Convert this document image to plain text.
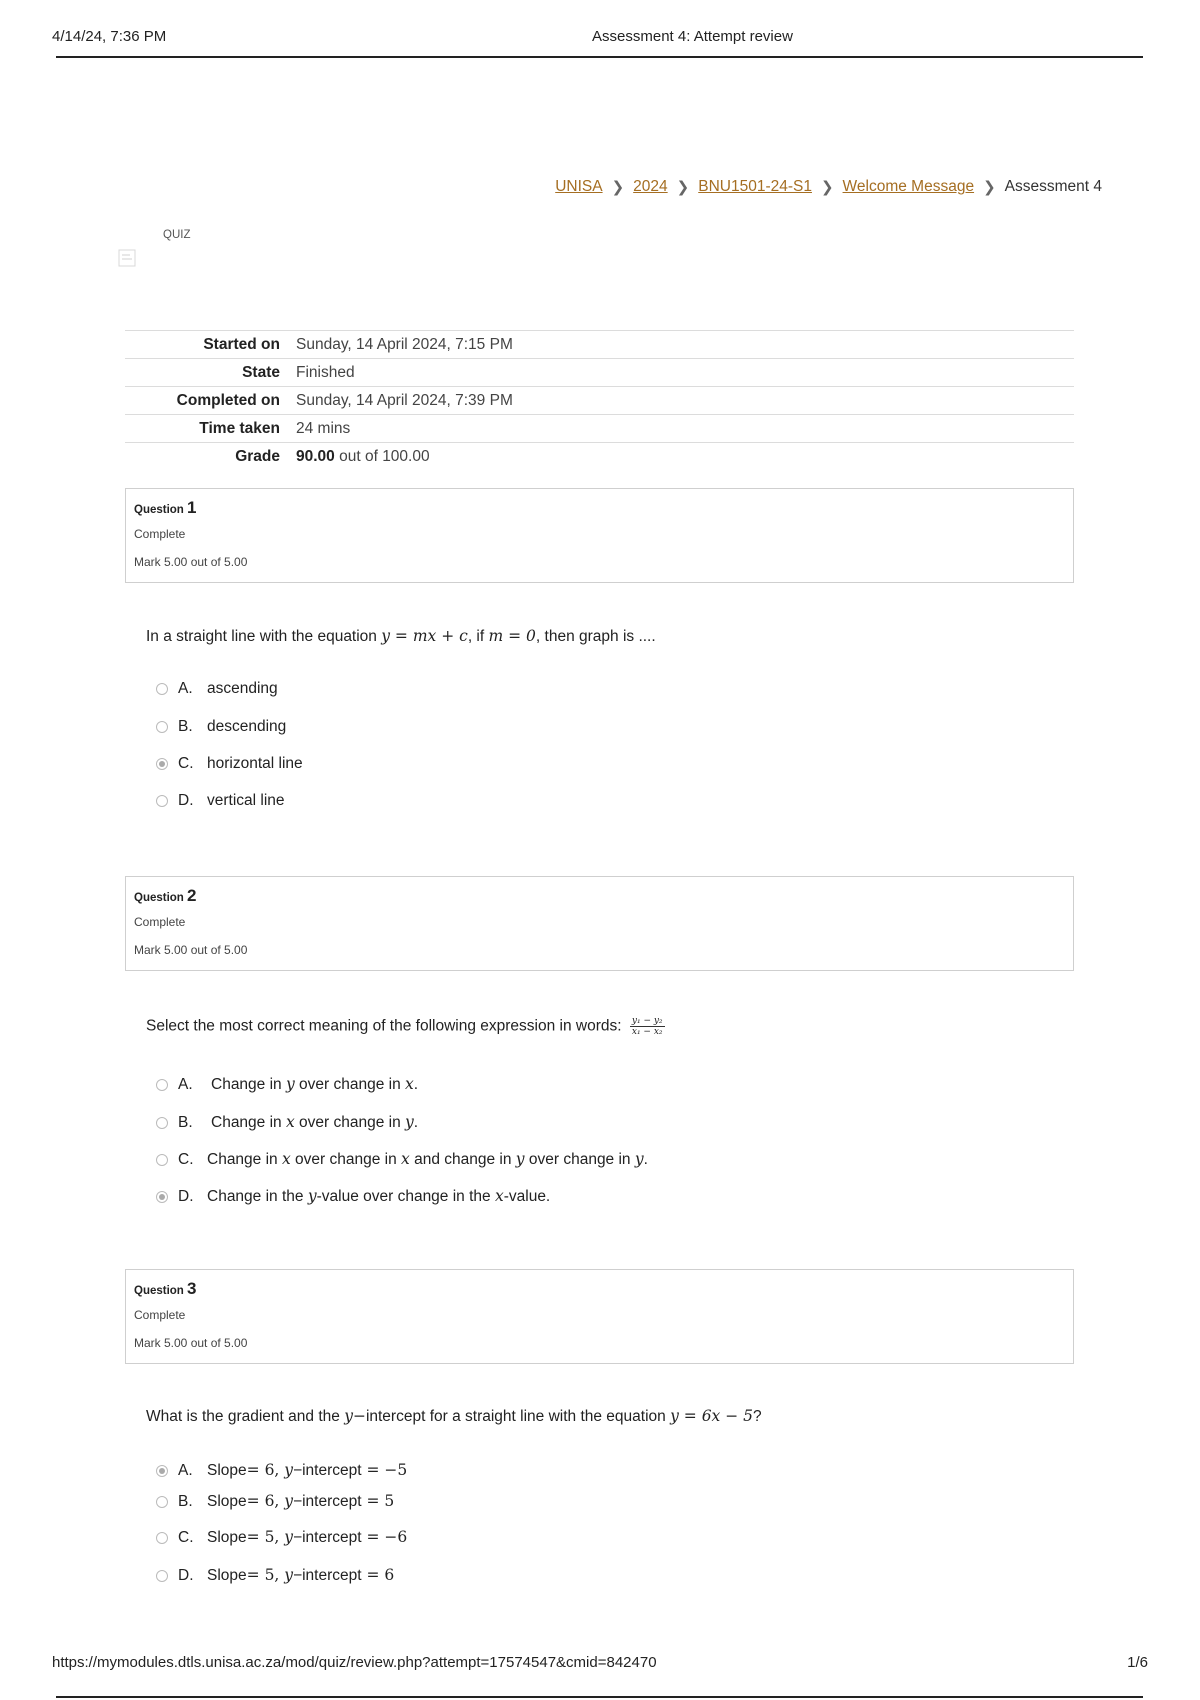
4/14/24, 7:36 PM	Assessment 4: Attempt review
UNISA ❯ 2024 ❯ BNU1501-24-S1 ❯ Welcome Message ❯ Assessment 4
QUIZ
Started on	Sunday, 14 April 2024, 7:15 PM
State	Finished
Completed on	Sunday, 14 April 2024, 7:39 PM
Time taken	24 mins
Grade	90.00 out of 100.00
Question 1
Complete
Mark 5.00 out of 5.00
In a straight line with the equation y = mx + c, if m = 0, then graph is ....
A. ascending
B. descending
C. horizontal line
D. vertical line
Question 2
Complete
Mark 5.00 out of 5.00
Select the most correct meaning of the following expression in words: $\frac{\text{y₁ − y₂}}{\text{x₁ − x₂}}$
A.	Change in y over change in x.
B.	Change in x over change in y.
C. Change in x over change in x and change in y over change in y.
D. Change in the y-value over change in the x-value.
Question 3
Complete
Mark 5.00 out of 5.00
What is the gradient and the y−intercept for a straight line with the equation y = 6x − 5?
A. Slope= 6, y−intercept = −5
B. Slope= 6, y−intercept = 5
C. Slope= 5, y−intercept = −6
D. Slope= 5, y−intercept = 6
https://mymodules.dtls.unisa.ac.za/mod/quiz/review.php?attempt=17574547&cmid=842470	1/6
